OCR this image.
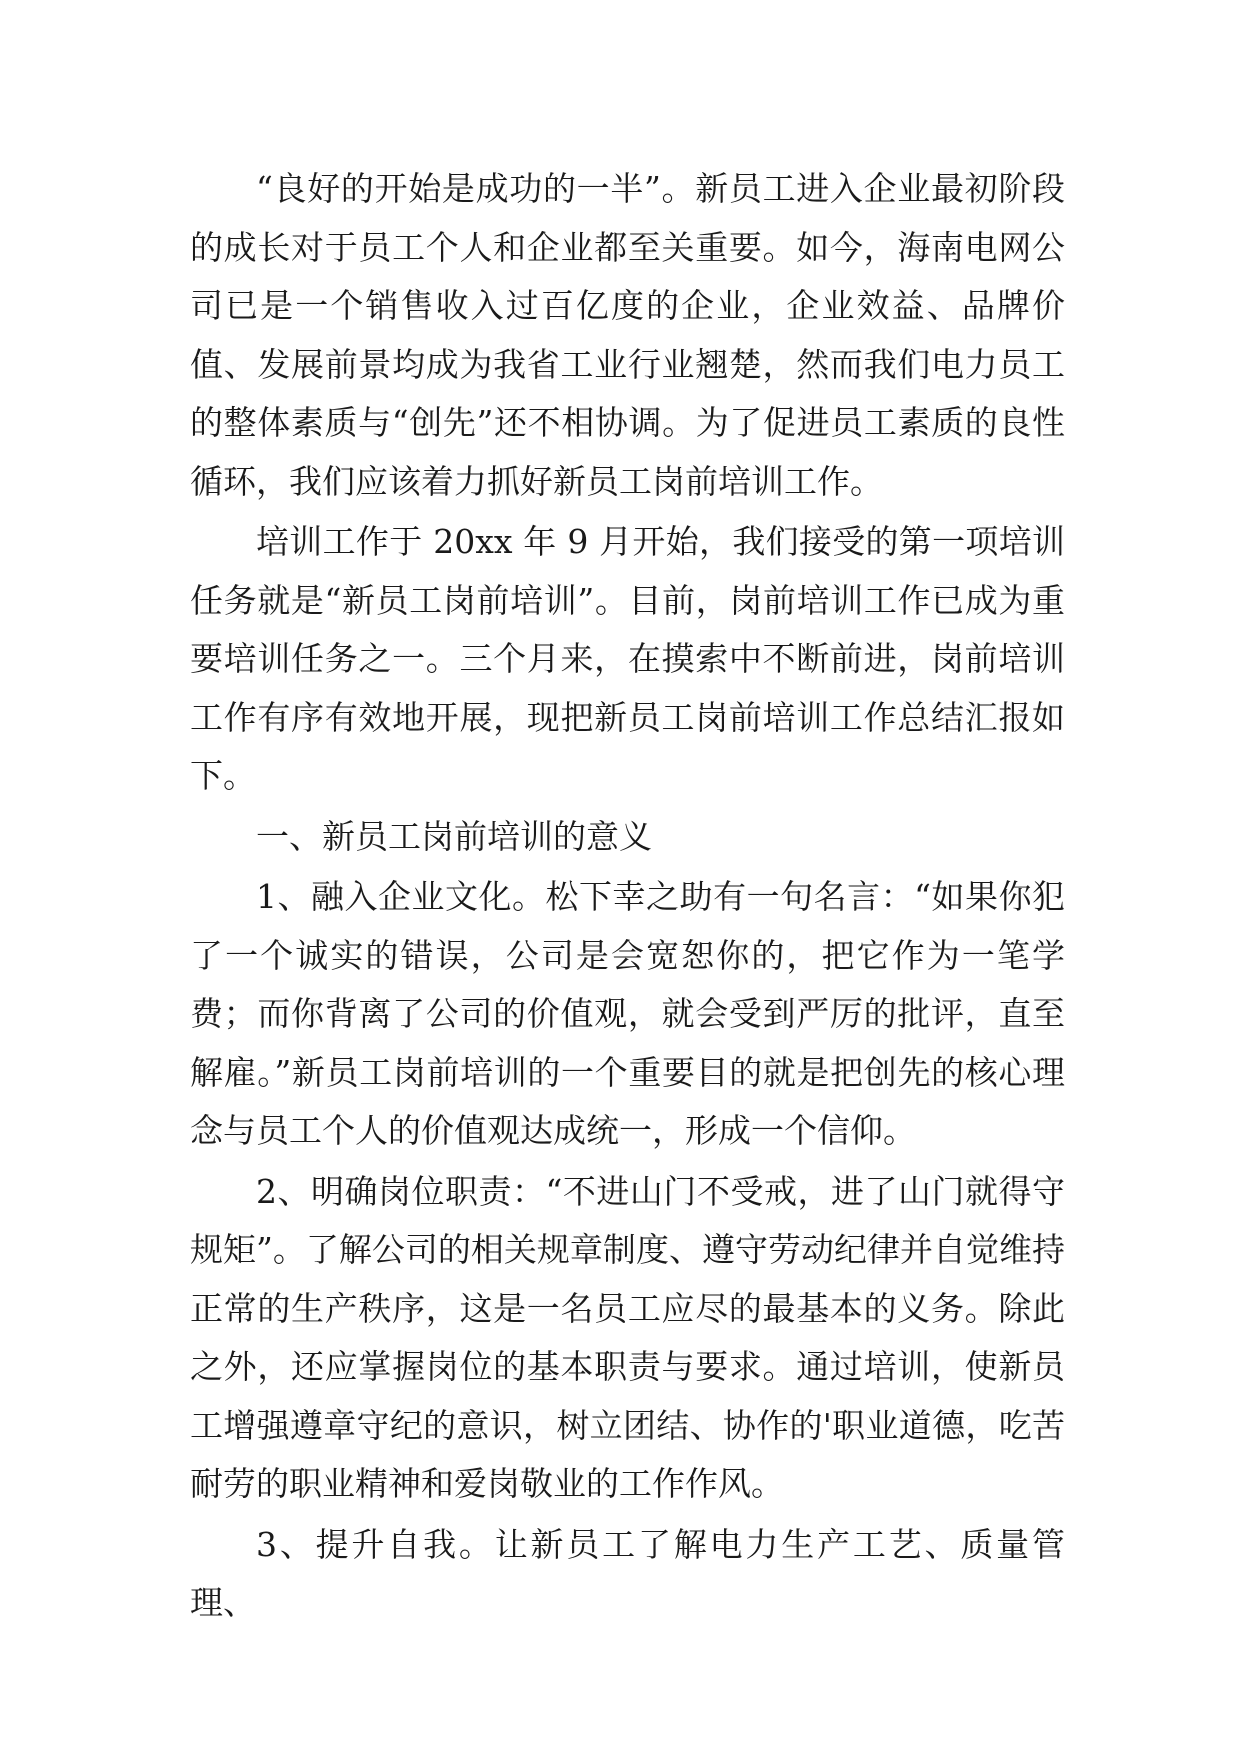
“良好的开始是成功的一半”。新员工进入企业最初阶段的成长对于员工个人和企业都至关重要。如今，海南电网公司已是一个销售收入过百亿度的企业，企业效益、品牌价值、发展前景均成为我省工业行业翘楚，然而我们电力员工的整体素质与“创先”还不相协调。为了促进员工素质的良性循环，我们应该着力抓好新员工岗前培训工作。

培训工作于 20xx 年 9 月开始，我们接受的第一项培训任务就是“新员工岗前培训”。目前，岗前培训工作已成为重要培训任务之一。三个月来，在摸索中不断前进，岗前培训工作有序有效地开展，现把新员工岗前培训工作总结汇报如下。

一、新员工岗前培训的意义

1、融入企业文化。松下幸之助有一句名言：“如果你犯了一个诚实的错误，公司是会宽恕你的，把它作为一笔学费；而你背离了公司的价值观，就会受到严厉的批评，直至解雇。”新员工岗前培训的一个重要目的就是把创先的核心理念与员工个人的价值观达成统一，形成一个信仰。

2、明确岗位职责：“不进山门不受戒，进了山门就得守规矩”。了解公司的相关规章制度、遵守劳动纪律并自觉维持正常的生产秩序，这是一名员工应尽的最基本的义务。除此之外，还应掌握岗位的基本职责与要求。通过培训，使新员工增强遵章守纪的意识，树立团结、协作的'职业道德，吃苦耐劳的职业精神和爱岗敬业的工作作风。

3、提升自我。让新员工了解电力生产工艺、质量管理、
